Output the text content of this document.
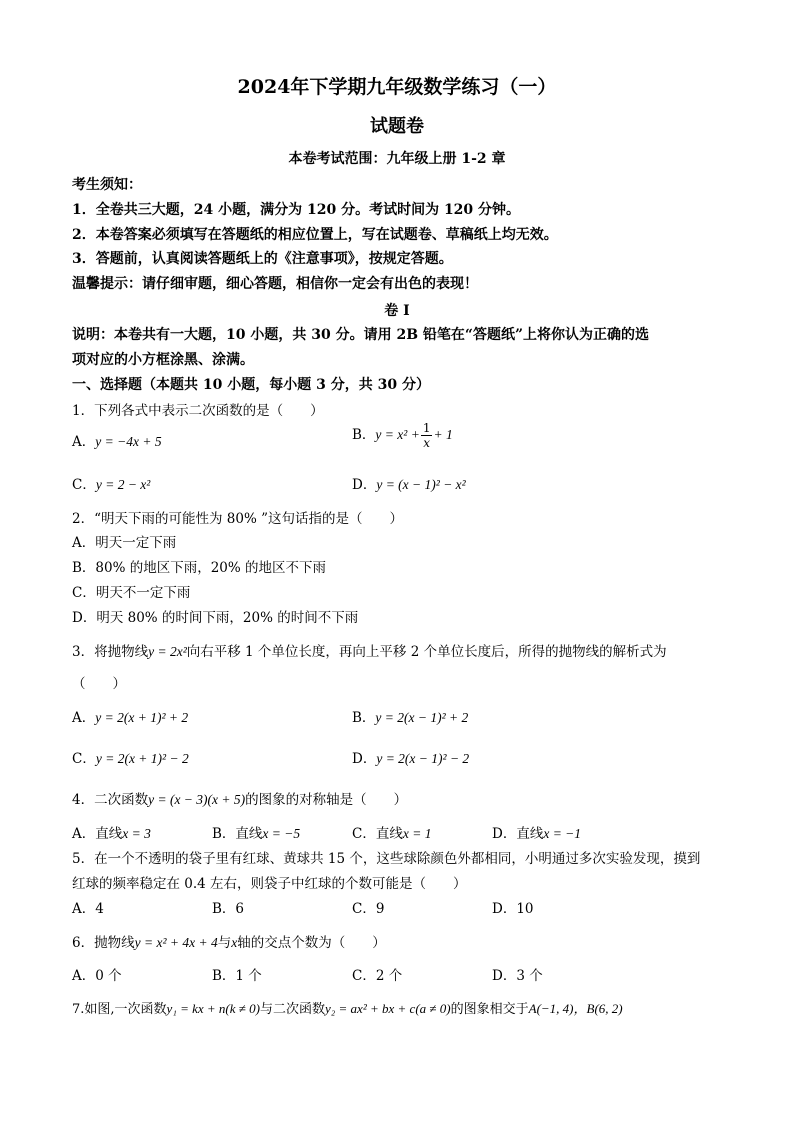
2024年下学期九年级数学练习（一）
试题卷
本卷考试范围：九年级上册 1-2 章
考生须知：
1．全卷共三大题，24 小题，满分为 120 分。考试时间为 120 分钟。
2．本卷答案必须填写在答题纸的相应位置上，写在试题卷、草稿纸上均无效。
3．答题前，认真阅读答题纸上的《注意事项》，按规定答题。
温馨提示：请仔细审题，细心答题，相信你一定会有出色的表现！
卷 I
说明：本卷共有一大题，10 小题，共 30 分。请用 2B 铅笔在“答题纸”上将你认为正确的选
项对应的小方框涂黑、涂满。
一、选择题（本题共 10 小题，每小题 3 分，共 30 分）
1．下列各式中表示二次函数的是（　　）
A．y = −4x + 5	B．$y = x^2 + \frac{1}{x} + 1$
C．y = 2 − x²	D．y = (x − 1)² − x²
2．“明天下雨的可能性为 80% ”这句话指的是（　　）
A．明天一定下雨
B．80% 的地区下雨，20% 的地区不下雨
C．明天不一定下雨
D．明天 80% 的时间下雨，20% 的时间不下雨
3．将抛物线y = 2x²向右平移 1 个单位长度，再向上平移 2 个单位长度后，所得的抛物线的解析式为
（　　）
A．y = 2(x + 1)² + 2	B．y = 2(x − 1)² + 2
C．y = 2(x + 1)² − 2	D．y = 2(x − 1)² − 2
4．二次函数y = (x − 3)(x + 5)的图象的对称轴是（　　）
A．直线x = 3	B．直线x = −5	C．直线x = 1	D．直线x = −1
5．在一个不透明的袋子里有红球、黄球共 15 个，这些球除颜色外都相同，小明通过多次实验发现，摸到
红球的频率稳定在 0.4 左右，则袋子中红球的个数可能是（　　）
A．4	B．6	C．9	D．10
6．抛物线y = x² + 4x + 4与x轴的交点个数为（　　）
A．0 个	B．1 个	C．2 个	D．3 个
7.如图,一次函数y₁ = kx + n(k ≠ 0)与二次函数y₂ = ax² + bx + c(a ≠ 0)的图象相交于A(−1, 4)，B(6, 2)
